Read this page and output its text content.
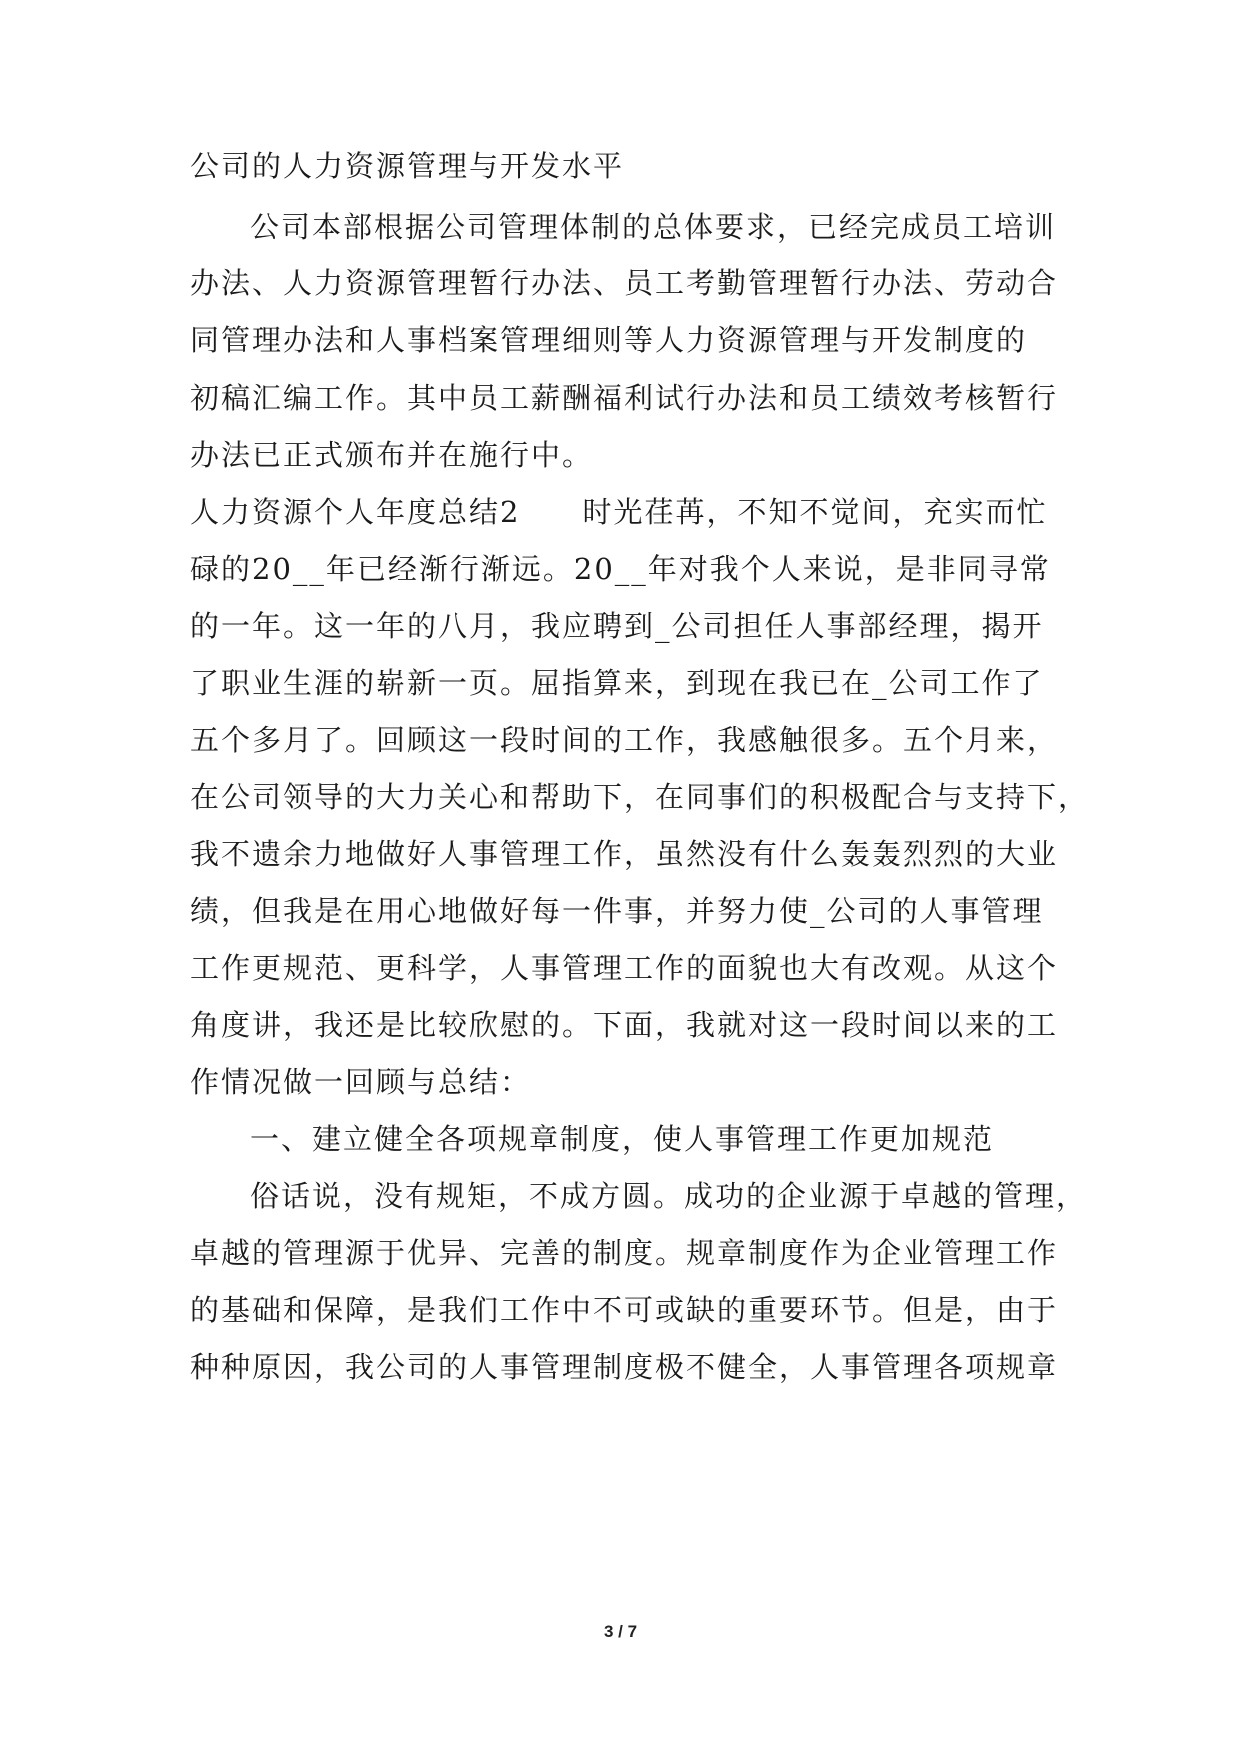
公司的人力资源管理与开发水平
公司本部根据公司管理体制的总体要求，已经完成员工培训
办法、人力资源管理暂行办法、员工考勤管理暂行办法、劳动合
同管理办法和人事档案管理细则等人力资源管理与开发制度的
初稿汇编工作。其中员工薪酬福利试行办法和员工绩效考核暂行
办法已正式颁布并在施行中。
人力资源个人年度总结2　　时光荏苒，不知不觉间，充实而忙
碌的20__年已经渐行渐远。20__年对我个人来说，是非同寻常
的一年。这一年的八月，我应聘到_公司担任人事部经理，揭开
了职业生涯的崭新一页。屈指算来，到现在我已在_公司工作了
五个多月了。回顾这一段时间的工作，我感触很多。五个月来，
在公司领导的大力关心和帮助下，在同事们的积极配合与支持下，
我不遗余力地做好人事管理工作，虽然没有什么轰轰烈烈的大业
绩，但我是在用心地做好每一件事，并努力使_公司的人事管理
工作更规范、更科学，人事管理工作的面貌也大有改观。从这个
角度讲，我还是比较欣慰的。下面，我就对这一段时间以来的工
作情况做一回顾与总结：
一、建立健全各项规章制度，使人事管理工作更加规范
俗话说，没有规矩，不成方圆。成功的企业源于卓越的管理，
卓越的管理源于优异、完善的制度。规章制度作为企业管理工作
的基础和保障，是我们工作中不可或缺的重要环节。但是，由于
种种原因，我公司的人事管理制度极不健全，人事管理各项规章
3 / 7
